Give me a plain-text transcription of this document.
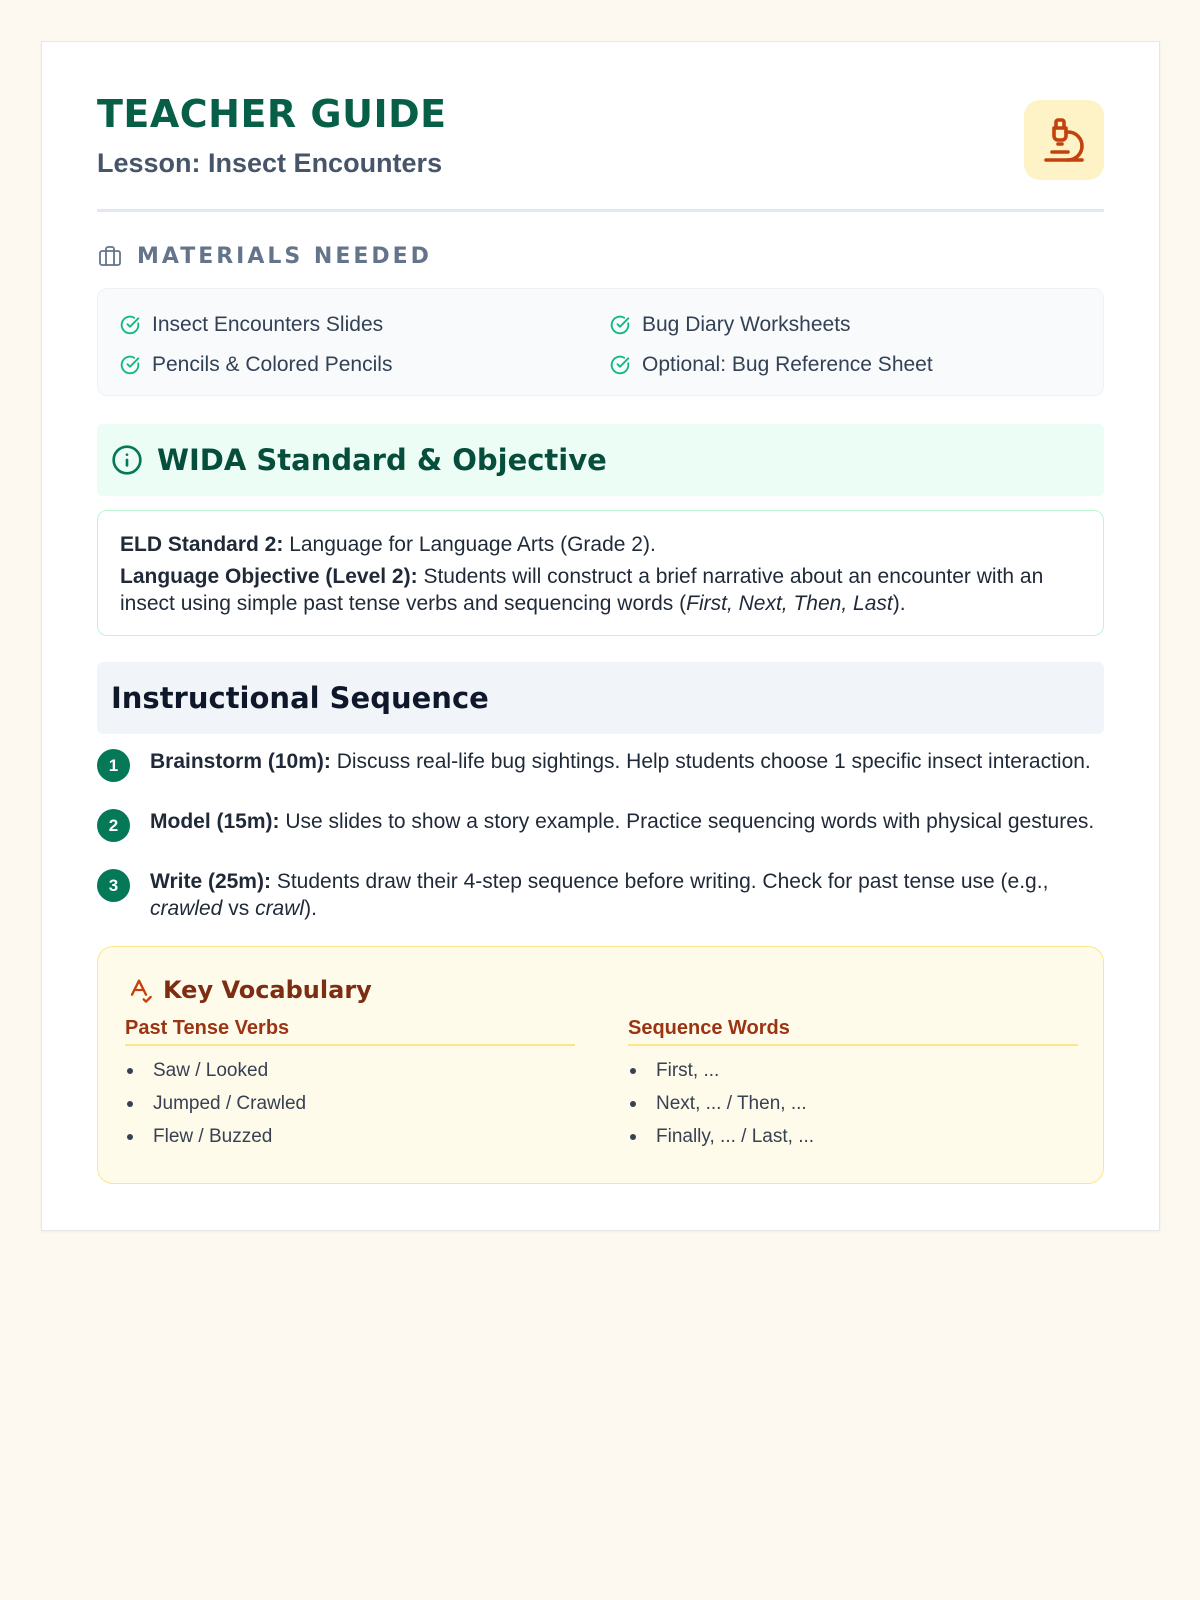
TEACHER GUIDE
Lesson: Insect Encounters
MATERIALS NEEDED
Insect Encounters Slides	Bug Diary Worksheets
Pencils & Colored Pencils	Optional: Bug Reference Sheet
WIDA Standard & Objective

ELD Standard 2: Language for Language Arts (Grade 2).

Language Objective (Level 2): Students will construct a brief narrative about an encounter with an insect using simple past tense verbs and sequencing words (First, Next, Then, Last).

Instructional Sequence
1	Brainstorm (10m): Discuss real-life bug sightings. Help students choose 1 specific insect interaction.
2	Model (15m): Use slides to show a story example. Practice sequencing words with physical gestures.
3	Write (25m): Students draw their 4-step sequence before writing. Check for past tense use (e.g., crawled vs crawl).
Key Vocabulary
Past Tense Verbs
Saw / Looked
Jumped / Crawled
Flew / Buzzed
Sequence Words
First, ...
Next, ... / Then, ...
Finally, ... / Last, ...
